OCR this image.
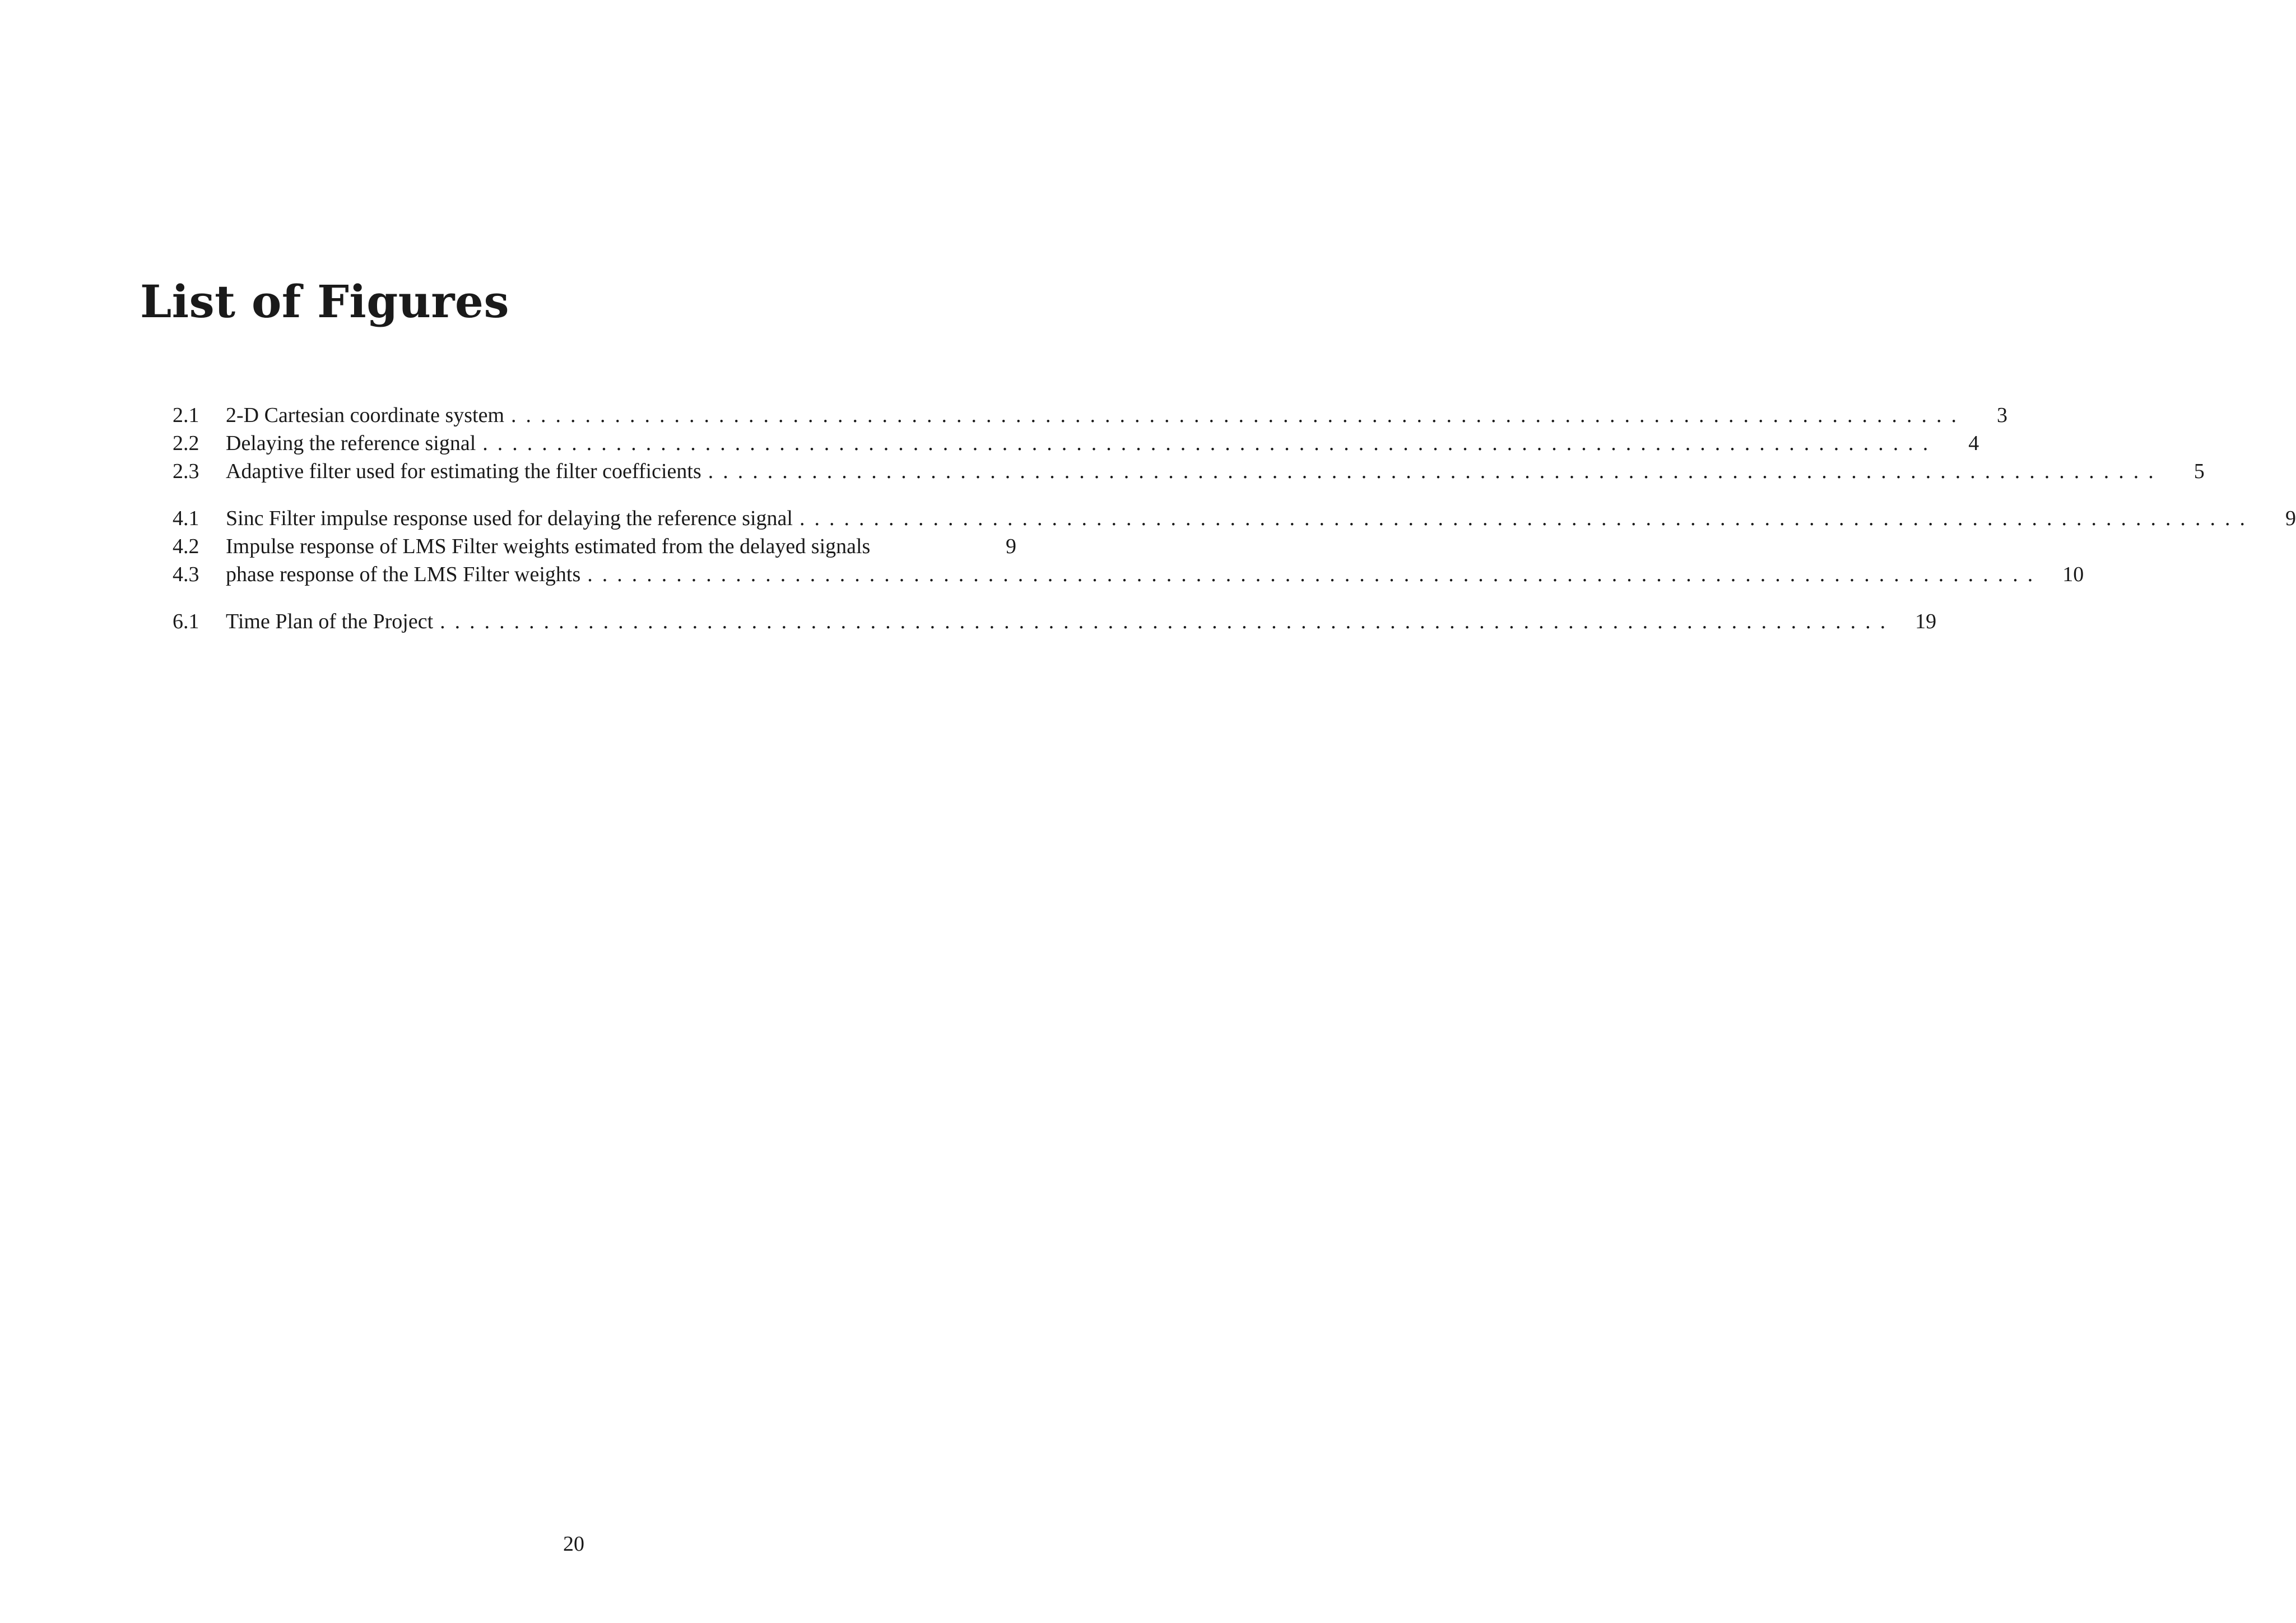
List of Figures
2.1	2-D Cartesian coordinate system ..................................................................................................	3
2.2	Delaying the reference signal ..................................................................................................	4
2.3	Adaptive filter used for estimating the filter coefficients ..................................................................................................	5
4.1	Sinc Filter impulse response used for delaying the reference signal ..................................................................................................	9
4.2	Impulse response of LMS Filter weights estimated from the delayed signals	9
4.3	phase response of the LMS Filter weights .................................................................................................. 10
6.1	Time Plan of the Project .................................................................................................. 19
20
